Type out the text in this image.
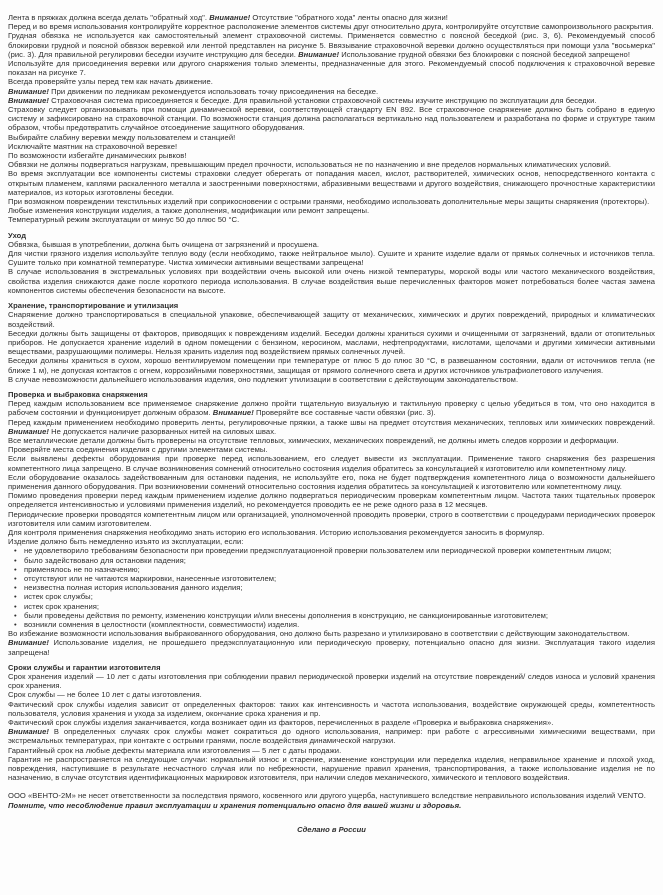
Лента в пряжках должна всегда делать "обратный ход". Внимание! Отсутствие "обратного хода" ленты опасно для жизни!
Перед и во время использования контролируйте корректное расположение элементов системы друг относительно друга, контролируйте отсутствие самопроизвольного раскрытия.
Грудная обвязка не используется как самостоятельный элемент страховочной системы. Применяется совместно с поясной беседкой (рис. 3, 6). Рекомендуемый способ блокировки грудной и поясной обвязок веревкой или лентой представлен на рисунке 5. Ввязывание страховочной веревки должно осуществляться при помощи узла "восьмерка" (рис. 3). Для правильной регулировки беседки изучите инструкцию для беседки. Внимание! Использование грудной обвязки без блокировки с поясной беседкой запрещено!
Используйте для присоединения веревки или другого снаряжения только элементы, предназначенные для этого. Рекомендуемый способ подключения к страховочной веревке показан на рисунке 7.
Всегда проверяйте узлы перед тем как начать движение.
Внимание! При движении по ледникам рекомендуется использовать точку присоединения на беседке.
Внимание! Страховочная система присоединяется к беседке. Для правильной установки страховочной системы изучите инструкцию по эксплуатации для беседки.
Страховку следует организовывать при помощи динамической веревки, соответствующей стандарту EN 892. Все страховочное снаряжение должно быть собрано в единую систему и зафиксировано на страховочной станции. По возможности станция должна располагаться вертикально над пользователем и разработана по форме и структуре таким образом, чтобы предотвратить случайное отсоединение защитного оборудования.
Выбирайте слабину веревки между пользователем и станцией!
Исключайте маятник на страховочной веревке!
По возможности избегайте динамических рывков!
Обвязки не должны подвергаться нагрузкам, превышающим предел прочности, использоваться не по назначению и вне пределов нормальных климатических условий.
Во время эксплуатации все компоненты системы страховки следует оберегать от попадания масел, кислот, растворителей, химических основ, непосредственного контакта с открытым пламенем, каплями раскаленного металла и заостренными поверхностями, абразивными веществами и другого воздействия, снижающего прочностные характеристики материалов, из которых изготовлены беседки.
При возможном повреждении текстильных изделий при соприкосновении с острыми гранями, необходимо использовать дополнительные меры защиты снаряжения (протекторы).
Любые изменения конструкции изделия, а также дополнения, модификации или ремонт запрещены.
Температурный режим эксплуатации от минус 50 до плюс 50 °С.
Уход
Обвязка, бывшая в употреблении, должна быть очищена от загрязнений и просушена.
Для чистки грязного изделия используйте теплую воду (если необходимо, также нейтральное мыло). Сушите и храните изделие вдали от прямых солнечных и источников тепла. Сушите только при комнатной температуре. Чистка химически активными веществами запрещена!
В случае использования в экстремальных условиях при воздействии очень высокой или очень низкой температуры, морской воды или частого механического воздействия, свойства изделия снижаются даже после короткого периода использования. В случае воздействия выше перечисленных факторов может потребоваться более частая замена компонентов системы обеспечения безопасности на высоте.
Хранение, транспортирование и утилизация
Снаряжение должно транспортироваться в специальной упаковке, обеспечивающей защиту от механических, химических и других повреждений, природных и климатических воздействий.
Беседки должны быть защищены от факторов, приводящих к повреждениям изделий. Беседки должны храниться сухими и очищенными от загрязнений, вдали от отопительных приборов. Не допускается хранение изделий в одном помещении с бензином, керосином, маслами, нефтепродуктами, кислотами, щелочами и другими химически активными веществами, разрушающими полимеры. Нельзя хранить изделия под воздействием прямых солнечных лучей.
Беседки должны храниться в сухом, хорошо вентилируемом помещении при температуре от плюс 5 до плюс 30 °С, в развешанном состоянии, вдали от источников тепла (не ближе 1 м), не допуская контактов с огнем, коррозийными поверхностями, защищая от прямого солнечного света и других источников ультрафиолетового излучения.
В случае невозможности дальнейшего использования изделия, оно подлежит утилизации в соответствии с действующим законодательством.
Проверка и выбраковка снаряжения
Перед каждым использованием все применяемое снаряжение должно пройти тщательную визуальную и тактильную проверку с целью убедиться в том, что оно находится в рабочем состоянии и функционирует должным образом. Внимание! Проверяйте все составные части обвязки (рис. 3).
Перед каждым применением необходимо проверить ленты, регулировочные пряжки, а также швы на предмет отсутствия механических, тепловых или химических повреждений. Внимание! Не допускается наличие разорванных нитей на силовых швах.
Все металлические детали должны быть проверены на отсутствие тепловых, химических, механических повреждений, не должны иметь следов коррозии и деформации.
Проверяйте места соединения изделия с другими элементами системы.
Если выявлены дефекты оборудования при проверке перед использованием, его следует вывести из эксплуатации. Применение такого снаряжения без разрешения компетентного лица запрещено. В случае возникновения сомнений относительно состояния изделия обратитесь за консультацией к изготовителю или компетентному лицу.
Если оборудование оказалось задействованным для остановки падения, не используйте его, пока не будет подтверждения компетентного лица о возможности дальнейшего применения данного оборудования. При возникновении сомнений относительно состояния изделия обратитесь за консультацией к изготовителю или компетентному лицу.
Помимо проведения проверки перед каждым применением изделие должно подвергаться периодическим проверкам компетентным лицом. Частота таких тщательных проверок определяется интенсивностью и условиями применения изделий, но рекомендуется проводить ее не реже одного раза в 12 месяцев.
Периодические проверки проводятся компетентным лицом или организацией, уполномоченной проводить проверки, строго в соответствии с процедурами периодических проверок изготовителя или самим изготовителем.
Для контроля применения снаряжения необходимо знать историю его использования. Историю использования рекомендуется заносить в формуляр.
Изделие должно быть немедленно изъято из эксплуатации, если:
• не удовлетворило требованиям безопасности при проведении предэксплуатационной проверки пользователем или периодической проверки компетентным лицом;
• было задействовано для остановки падения;
• применялось не по назначению;
• отсутствуют или не читаются маркировки, нанесенные изготовителем;
• неизвестна полная история использования данного изделия;
• истек срок службы;
• истек срок хранения;
• были проведены действия по ремонту, изменению конструкции и/или внесены дополнения в конструкцию, не санкционированные изготовителем;
• возникли сомнения в целостности (комплектности, совместимости) изделия.
Во избежание возможности использования выбракованного оборудования, оно должно быть разрезано и утилизировано в соответствии с действующим законодательством.
Внимание! Использование изделия, не прошедшего предэксплуатационную или периодическую проверку, потенциально опасно для жизни. Эксплуатация такого изделия запрещена!
Сроки службы и гарантии изготовителя
Срок хранения изделий — 10 лет с даты изготовления при соблюдении правил периодической проверки изделий на отсутствие повреждений/ следов износа и условий хранения срок хранения.
Срок службы — не более 10 лет с даты изготовления.
Фактический срок службы изделия зависит от определенных факторов: таких как интенсивность и частота использования, воздействие окружающей среды, компетентность пользователя, условия хранения и ухода за изделием, окончание срока хранения и пр.
Фактический срок службы изделия заканчивается, когда возникает один из факторов, перечисленных в разделе «Проверка и выбраковка снаряжения».
Внимание! В определенных случаях срок службы может сократиться до одного использования, например: при работе с агрессивными химическими веществами, при экстремальных температурах, при контакте с острыми гранями, после воздействия динамической нагрузки.
Гарантийный срок на любые дефекты материала или изготовления — 5 лет с даты продажи.
Гарантия не распространяется на следующие случаи: нормальный износ и старение, изменение конструкции или переделка изделия, неправильное хранение и плохой уход, повреждения, наступившие в результате несчастного случая или по небрежности, нарушение правил хранения, транспортирования, а также использование изделия не по назначению, в случае отсутствия идентификационных маркировок изготовителя, при наличии следов механического, химического и теплового воздействия.
ООО «ВЕНТО-2М» не несет ответственности за последствия прямого, косвенного или другого ущерба, наступившего вследствие неправильного использования изделий VENTO.
Помните, что несоблюдение правил эксплуатации и хранения потенциально опасно для вашей жизни и здоровья.
Сделано в России
